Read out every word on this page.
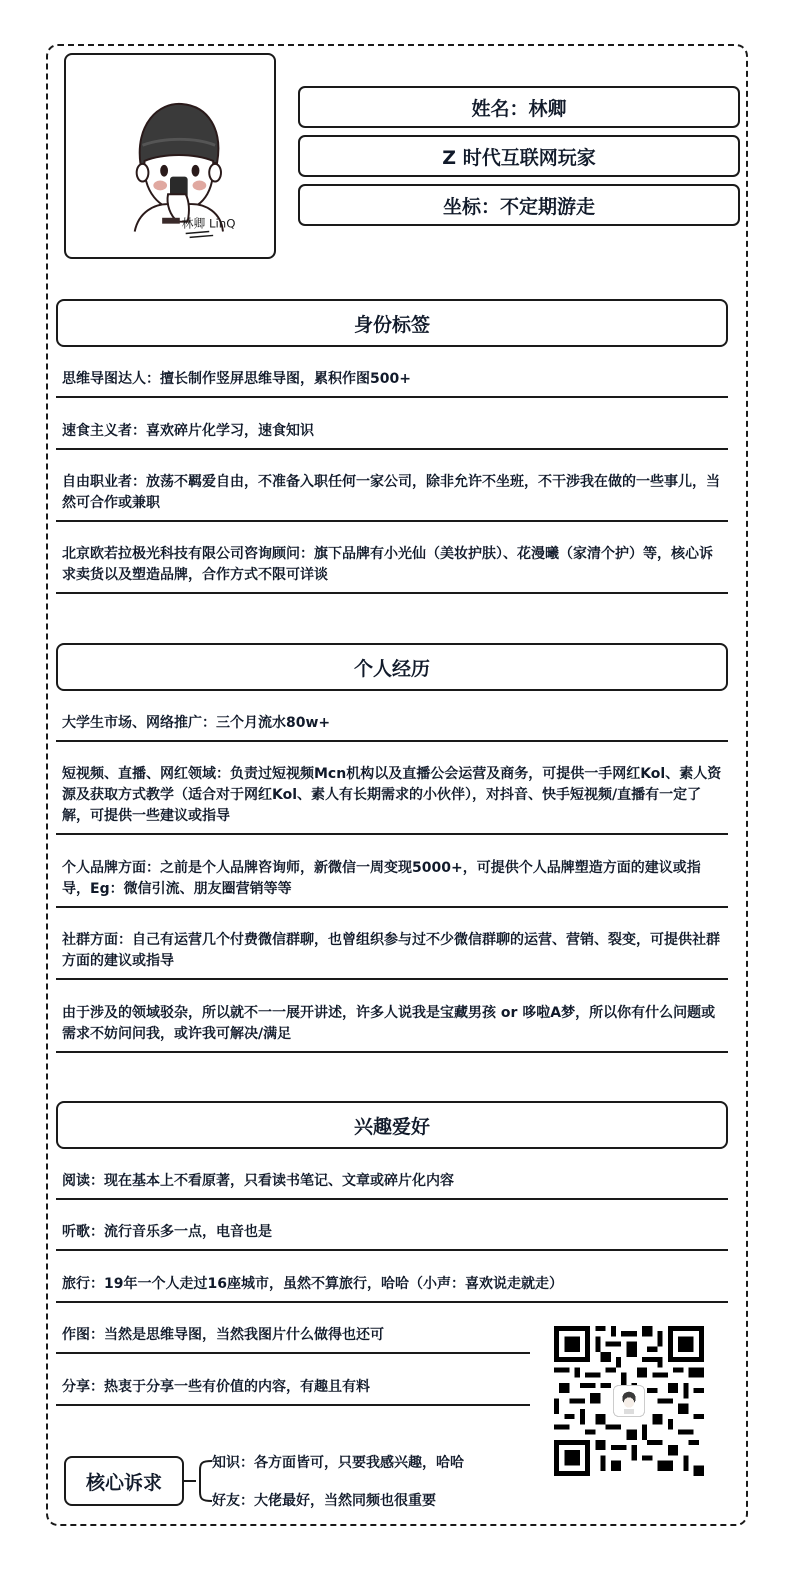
林卿 LinQ
姓名：林卿
Z 时代互联网玩家
坐标：不定期游走
身份标签
思维导图达人：擅长制作竖屏思维导图，累积作图500+
速食主义者：喜欢碎片化学习，速食知识
自由职业者：放荡不羁爱自由，不准备入职任何一家公司，除非允许不坐班，不干涉我在做的一些事儿，当然可合作或兼职
北京欧若拉极光科技有限公司咨询顾问：旗下品牌有小光仙（美妆护肤）、花漫曦（家清个护）等，核心诉求卖货以及塑造品牌，合作方式不限可详谈
个人经历
大学生市场、网络推广：三个月流水80w+
短视频、直播、网红领域：负责过短视频Mcn机构以及直播公会运营及商务，可提供一手网红Kol、素人资源及获取方式教学（适合对于网红Kol、素人有长期需求的小伙伴），对抖音、快手短视频/直播有一定了解，可提供一些建议或指导
个人品牌方面：之前是个人品牌咨询师，新微信一周变现5000+，可提供个人品牌塑造方面的建议或指导，Eg：微信引流、朋友圈营销等等
社群方面：自己有运营几个付费微信群聊，也曾组织参与过不少微信群聊的运营、营销、裂变，可提供社群方面的建议或指导
由于涉及的领域驳杂，所以就不一一展开讲述，许多人说我是宝藏男孩 or 哆啦A梦，所以你有什么问题或需求不妨问问我，或许我可解决/满足
兴趣爱好
阅读：现在基本上不看原著，只看读书笔记、文章或碎片化内容
听歌：流行音乐多一点，电音也是
旅行：19年一个人走过16座城市，虽然不算旅行，哈哈（小声：喜欢说走就走）
作图：当然是思维导图，当然我图片什么做得也还可
分享：热衷于分享一些有价值的内容，有趣且有料
核心诉求
知识：各方面皆可，只要我感兴趣，哈哈
好友：大佬最好，当然同频也很重要
